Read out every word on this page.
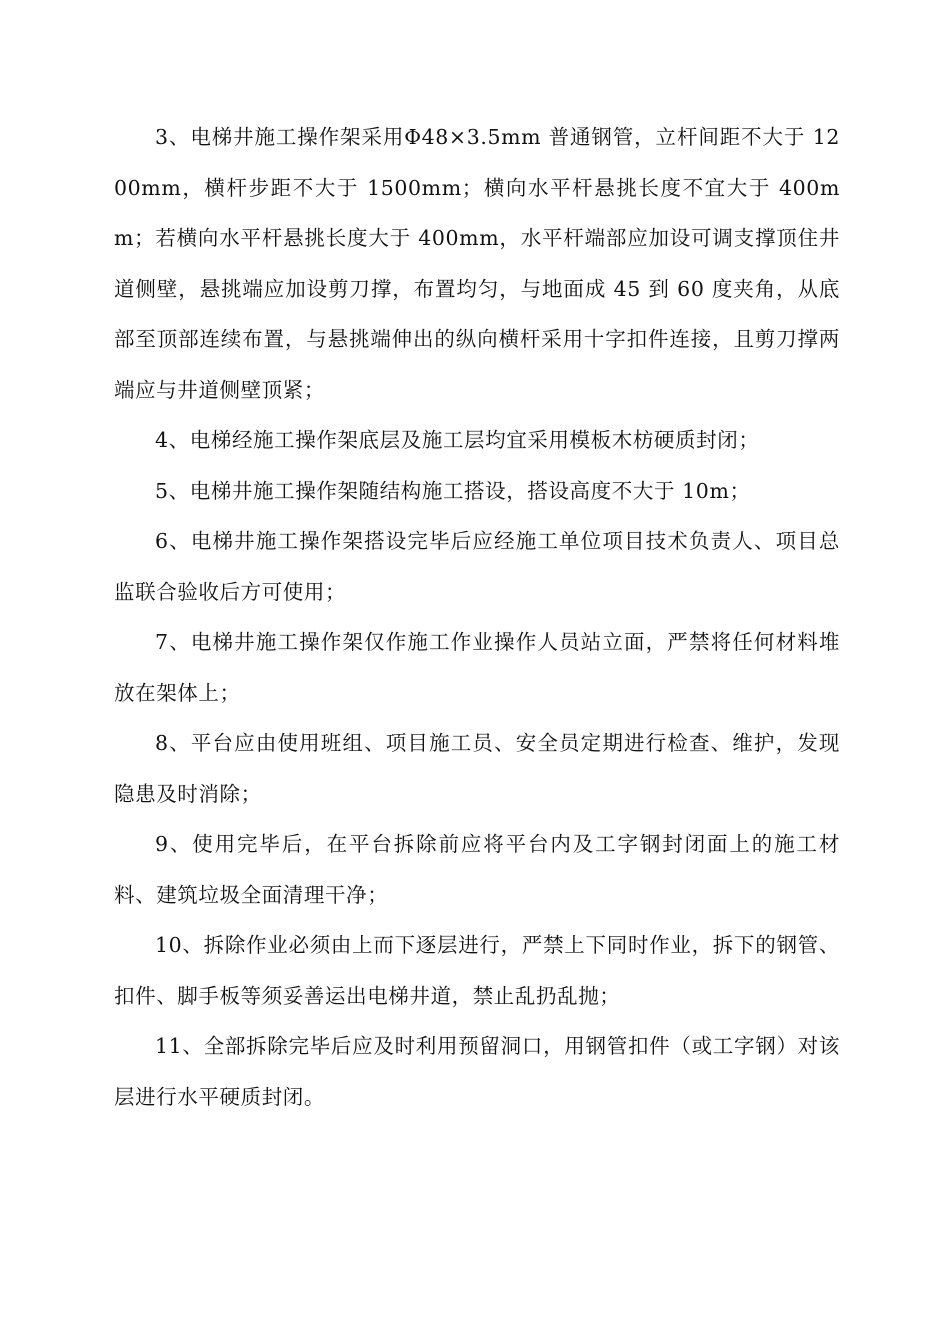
3、电梯井施工操作架采用Φ48×3.5mm 普通钢管，立杆间距不大于 1200mm，横杆步距不大于 1500mm；横向水平杆悬挑长度不宜大于 400mm；若横向水平杆悬挑长度大于 400mm，水平杆端部应加设可调支撑顶住井道侧壁，悬挑端应加设剪刀撑，布置均匀，与地面成 45 到 60 度夹角，从底部至顶部连续布置，与悬挑端伸出的纵向横杆采用十字扣件连接，且剪刀撑两端应与井道侧壁顶紧；

4、电梯经施工操作架底层及施工层均宜采用模板木枋硬质封闭；

5、电梯井施工操作架随结构施工搭设，搭设高度不大于 10m；

6、电梯井施工操作架搭设完毕后应经施工单位项目技术负责人、项目总监联合验收后方可使用；

7、电梯井施工操作架仅作施工作业操作人员站立面，严禁将任何材料堆放在架体上；

8、平台应由使用班组、项目施工员、安全员定期进行检查、维护，发现隐患及时消除；

9、使用完毕后，在平台拆除前应将平台内及工字钢封闭面上的施工材料、建筑垃圾全面清理干净；

10、拆除作业必须由上而下逐层进行，严禁上下同时作业，拆下的钢管、扣件、脚手板等须妥善运出电梯井道，禁止乱扔乱抛；

11、全部拆除完毕后应及时利用预留洞口，用钢管扣件（或工字钢）对该层进行水平硬质封闭。
